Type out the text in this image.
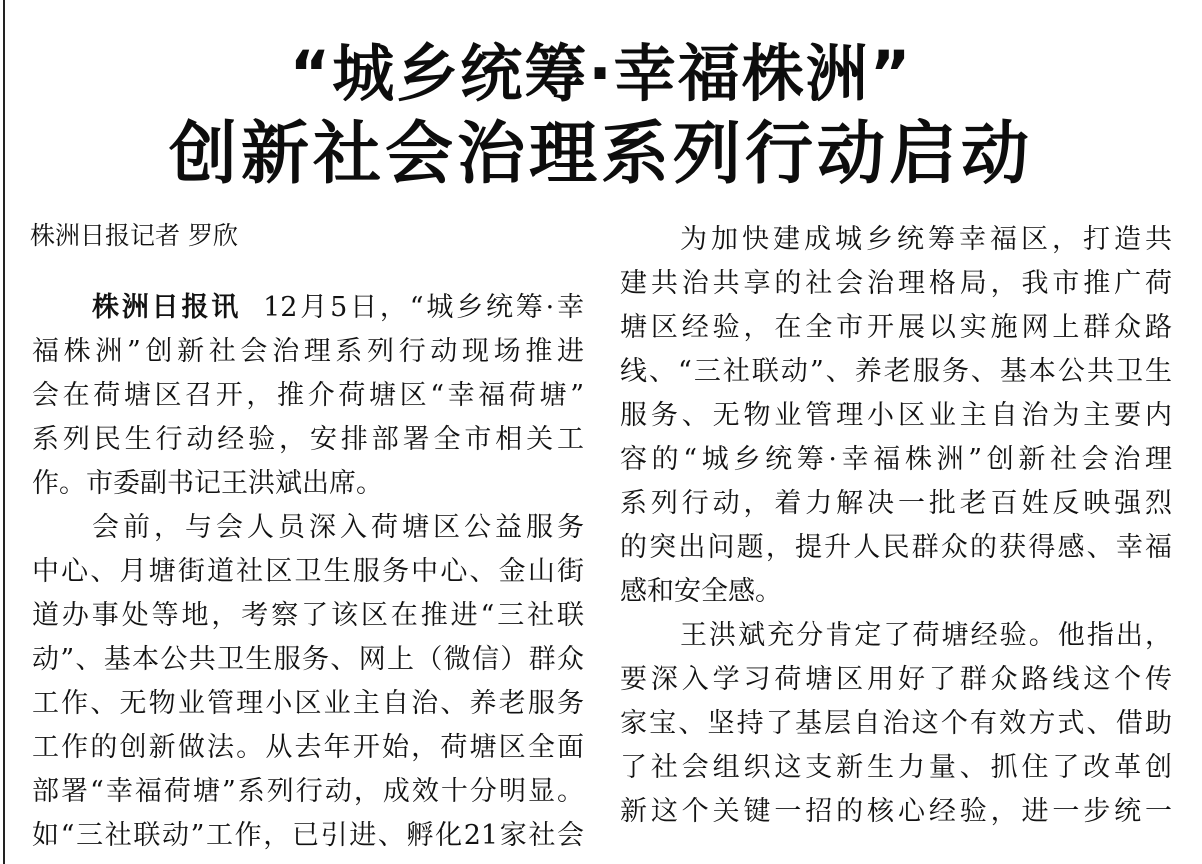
“城乡统筹·幸福株洲”
创新社会治理系列行动启动
株洲日报记者 罗欣
株洲日报讯 12月5日，“城乡统筹·幸
福株洲”创新社会治理系列行动现场推进
会在荷塘区召开，推介荷塘区“幸福荷塘”
系列民生行动经验，安排部署全市相关工
作。市委副书记王洪斌出席。
会前，与会人员深入荷塘区公益服务
中心、月塘街道社区卫生服务中心、金山街
道办事处等地，考察了该区在推进“三社联
动”、基本公共卫生服务、网上（微信）群众
工作、无物业管理小区业主自治、养老服务
工作的创新做法。从去年开始，荷塘区全面
部署“幸福荷塘”系列行动，成效十分明显。
如“三社联动”工作，已引进、孵化21家社会
为加快建成城乡统筹幸福区，打造共
建共治共享的社会治理格局，我市推广荷
塘区经验，在全市开展以实施网上群众路
线、“三社联动”、养老服务、基本公共卫生
服务、无物业管理小区业主自治为主要内
容的“城乡统筹·幸福株洲”创新社会治理
系列行动，着力解决一批老百姓反映强烈
的突出问题，提升人民群众的获得感、幸福
感和安全感。
王洪斌充分肯定了荷塘经验。他指出，
要深入学习荷塘区用好了群众路线这个传
家宝、坚持了基层自治这个有效方式、借助
了社会组织这支新生力量、抓住了改革创
新这个关键一招的核心经验，进一步统一
